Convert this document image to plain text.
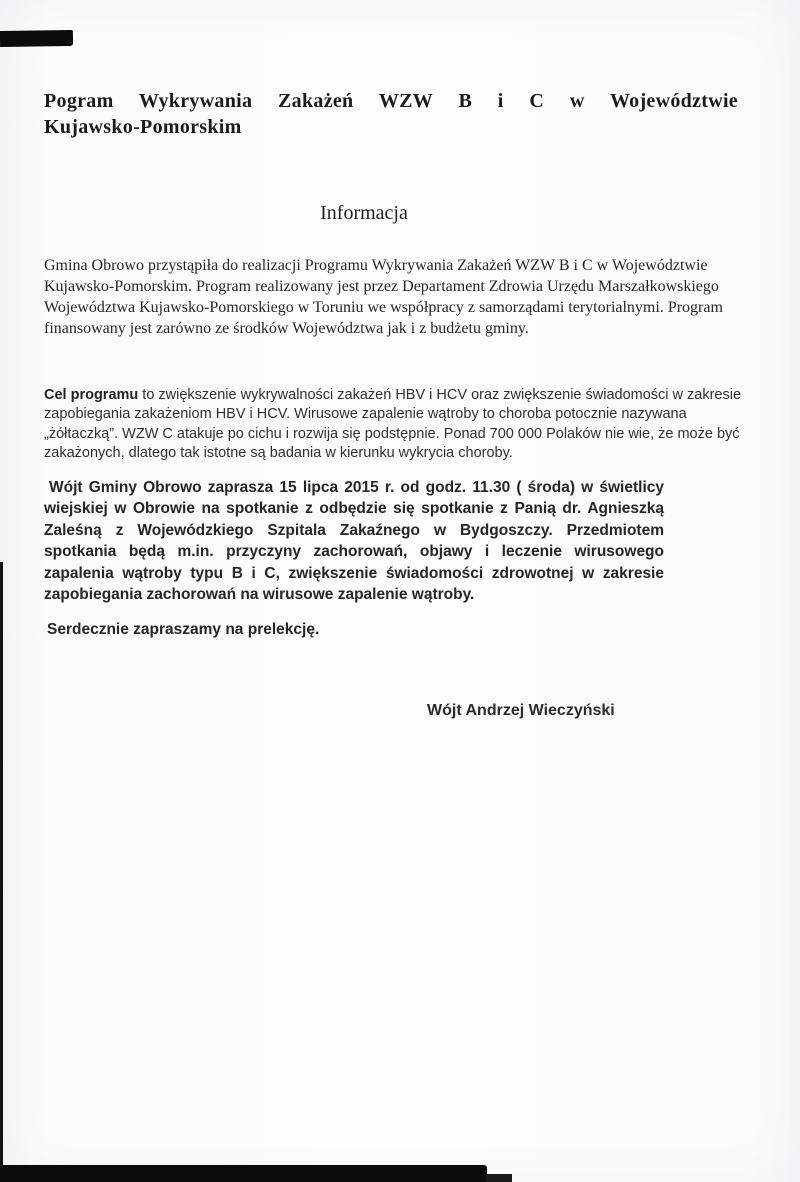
Pogram Wykrywania Zakażeń WZW B i C w Województwie
Kujawsko-Pomorskim
Informacja

Gmina Obrowo przystąpiła do realizacji Programu Wykrywania Zakażeń WZW B i C w Województwie Kujawsko-Pomorskim. Program realizowany jest przez Departament Zdrowia Urzędu Marszałkowskiego Województwa Kujawsko-Pomorskiego w Toruniu we współpracy z samorządami terytorialnymi. Program finansowany jest zarówno ze środków Województwa jak i z budżetu gminy.

Cel programu to zwiększenie wykrywalności zakażeń HBV i HCV oraz zwiększenie świadomości w zakresie zapobiegania zakażeniom HBV i HCV. Wirusowe zapalenie wątroby to choroba potocznie nazywana „żółtaczką”. WZW C atakuje po cichu i rozwija się podstępnie. Ponad 700 000 Polaków nie wie, że może być zakażonych, dlatego tak istotne są badania w kierunku wykrycia choroby.

Wójt Gminy Obrowo zaprasza 15 lipca 2015 r. od godz. 11.30 ( środa) w świetlicy wiejskiej w Obrowie na spotkanie z odbędzie się spotkanie z Panią dr. Agnieszką Zaleśną z Wojewódzkiego Szpitala Zakaźnego w Bydgoszczy. Przedmiotem spotkania będą m.in. przyczyny zachorowań, objawy i leczenie wirusowego zapalenia wątroby typu B i C, zwiększenie świadomości zdrowotnej w zakresie zapobiegania zachorowań na wirusowe zapalenie wątroby.

Serdecznie zapraszamy na prelekcję.
Wójt Andrzej Wieczyński
